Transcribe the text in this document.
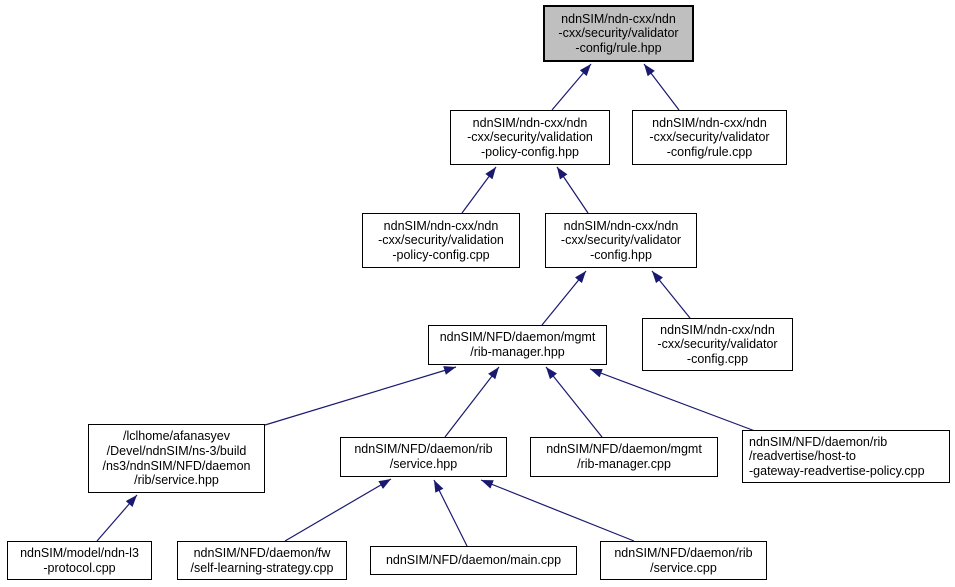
ndnSIM/ndn-cxx/ndn
-cxx/security/validator
-config/rule.hpp
ndnSIM/ndn-cxx/ndn
-cxx/security/validation
-policy-config.hpp
ndnSIM/ndn-cxx/ndn
-cxx/security/validator
-config/rule.cpp
ndnSIM/ndn-cxx/ndn
-cxx/security/validation
-policy-config.cpp
ndnSIM/ndn-cxx/ndn
-cxx/security/validator
-config.hpp
ndnSIM/NFD/daemon/mgmt
/rib-manager.hpp
ndnSIM/ndn-cxx/ndn
-cxx/security/validator
-config.cpp
/lclhome/afanasyev
/Devel/ndnSIM/ns-3/build
/ns3/ndnSIM/NFD/daemon
/rib/service.hpp
ndnSIM/NFD/daemon/rib
/service.hpp
ndnSIM/NFD/daemon/mgmt
/rib-manager.cpp
ndnSIM/NFD/daemon/rib
/readvertise/host-to
-gateway-readvertise-policy.cpp
ndnSIM/model/ndn-l3
-protocol.cpp
ndnSIM/NFD/daemon/fw
/self-learning-strategy.cpp
ndnSIM/NFD/daemon/main.cpp
ndnSIM/NFD/daemon/rib
/service.cpp
